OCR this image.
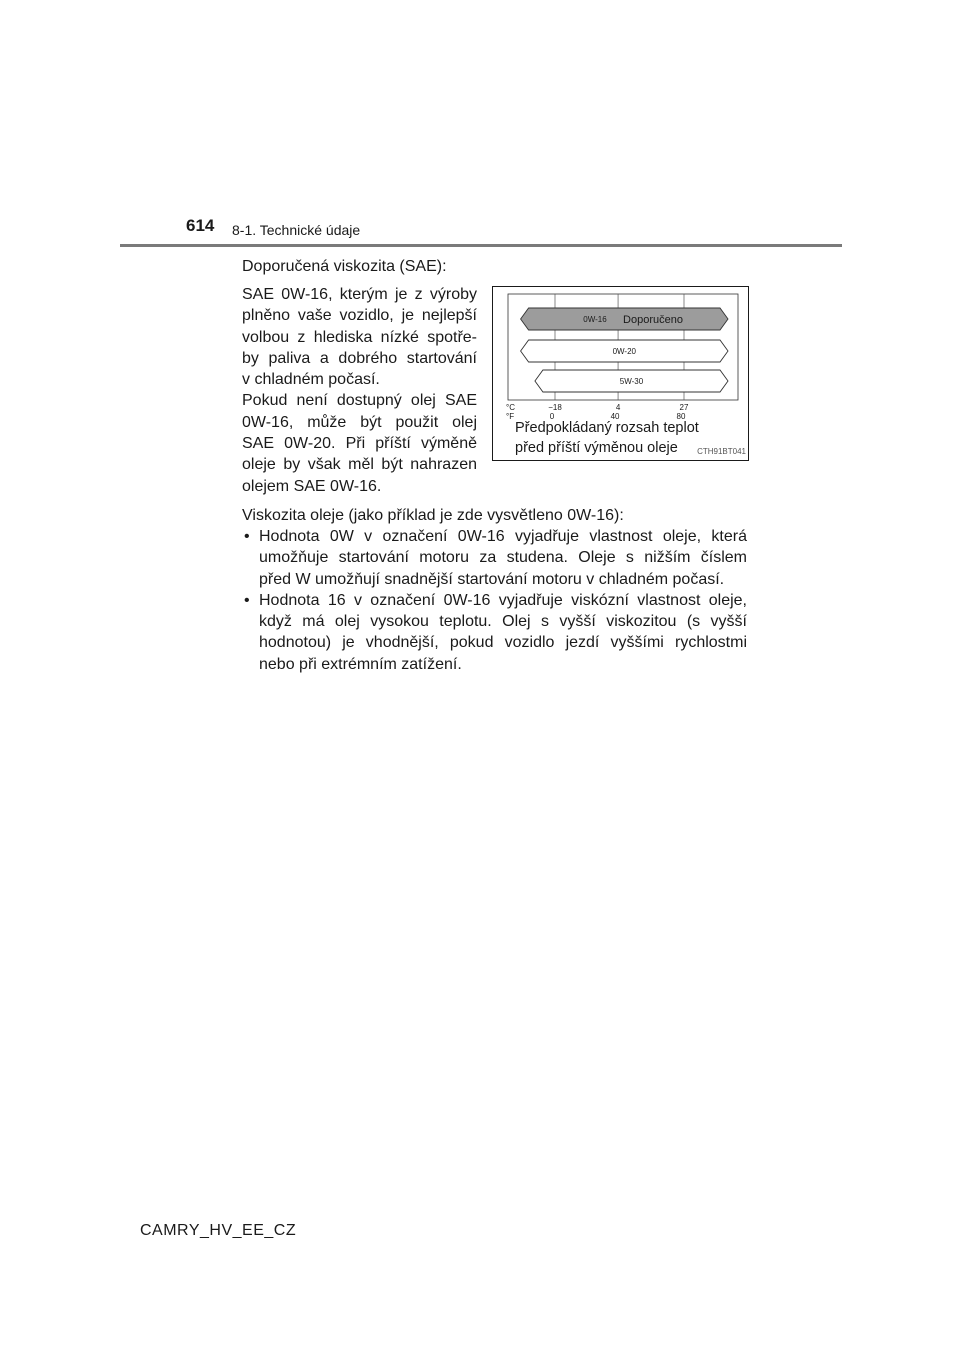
614 8-1. Technické údaje
Doporučená viskozita (SAE):
SAE 0W-16, kterým je z výroby
plněno vaše vozidlo, je nejlepší
volbou z hlediska nízké spotře-
by paliva a dobrého startování
v chladném počasí.
Pokud není dostupný olej SAE
0W-16, může být použit olej
SAE 0W-20. Při příští výměně
oleje by však měl být nahrazen
olejem SAE 0W-16.
0W-16 Doporučeno
0W-20
5W-30
°C
°F
−18
0
4
40
27
80
Předpokládaný rozsah teplot
před příští výměnou oleje	CTH91BT041
Viskozita oleje (jako příklad je zde vysvětleno 0W-16):
• Hodnota 0W v označení 0W-16 vyjadřuje vlastnost oleje, která
umožňuje startování motoru za studena. Oleje s nižším číslem
před W umožňují snadnější startování motoru v chladném počasí.
• Hodnota 16 v označení 0W-16 vyjadřuje viskózní vlastnost oleje,
když má olej vysokou teplotu. Olej s vyšší viskozitou (s vyšší
hodnotou) je vhodnější, pokud vozidlo jezdí vyššími rychlostmi
nebo při extrémním zatížení.
CAMRY_HV_EE_CZ
